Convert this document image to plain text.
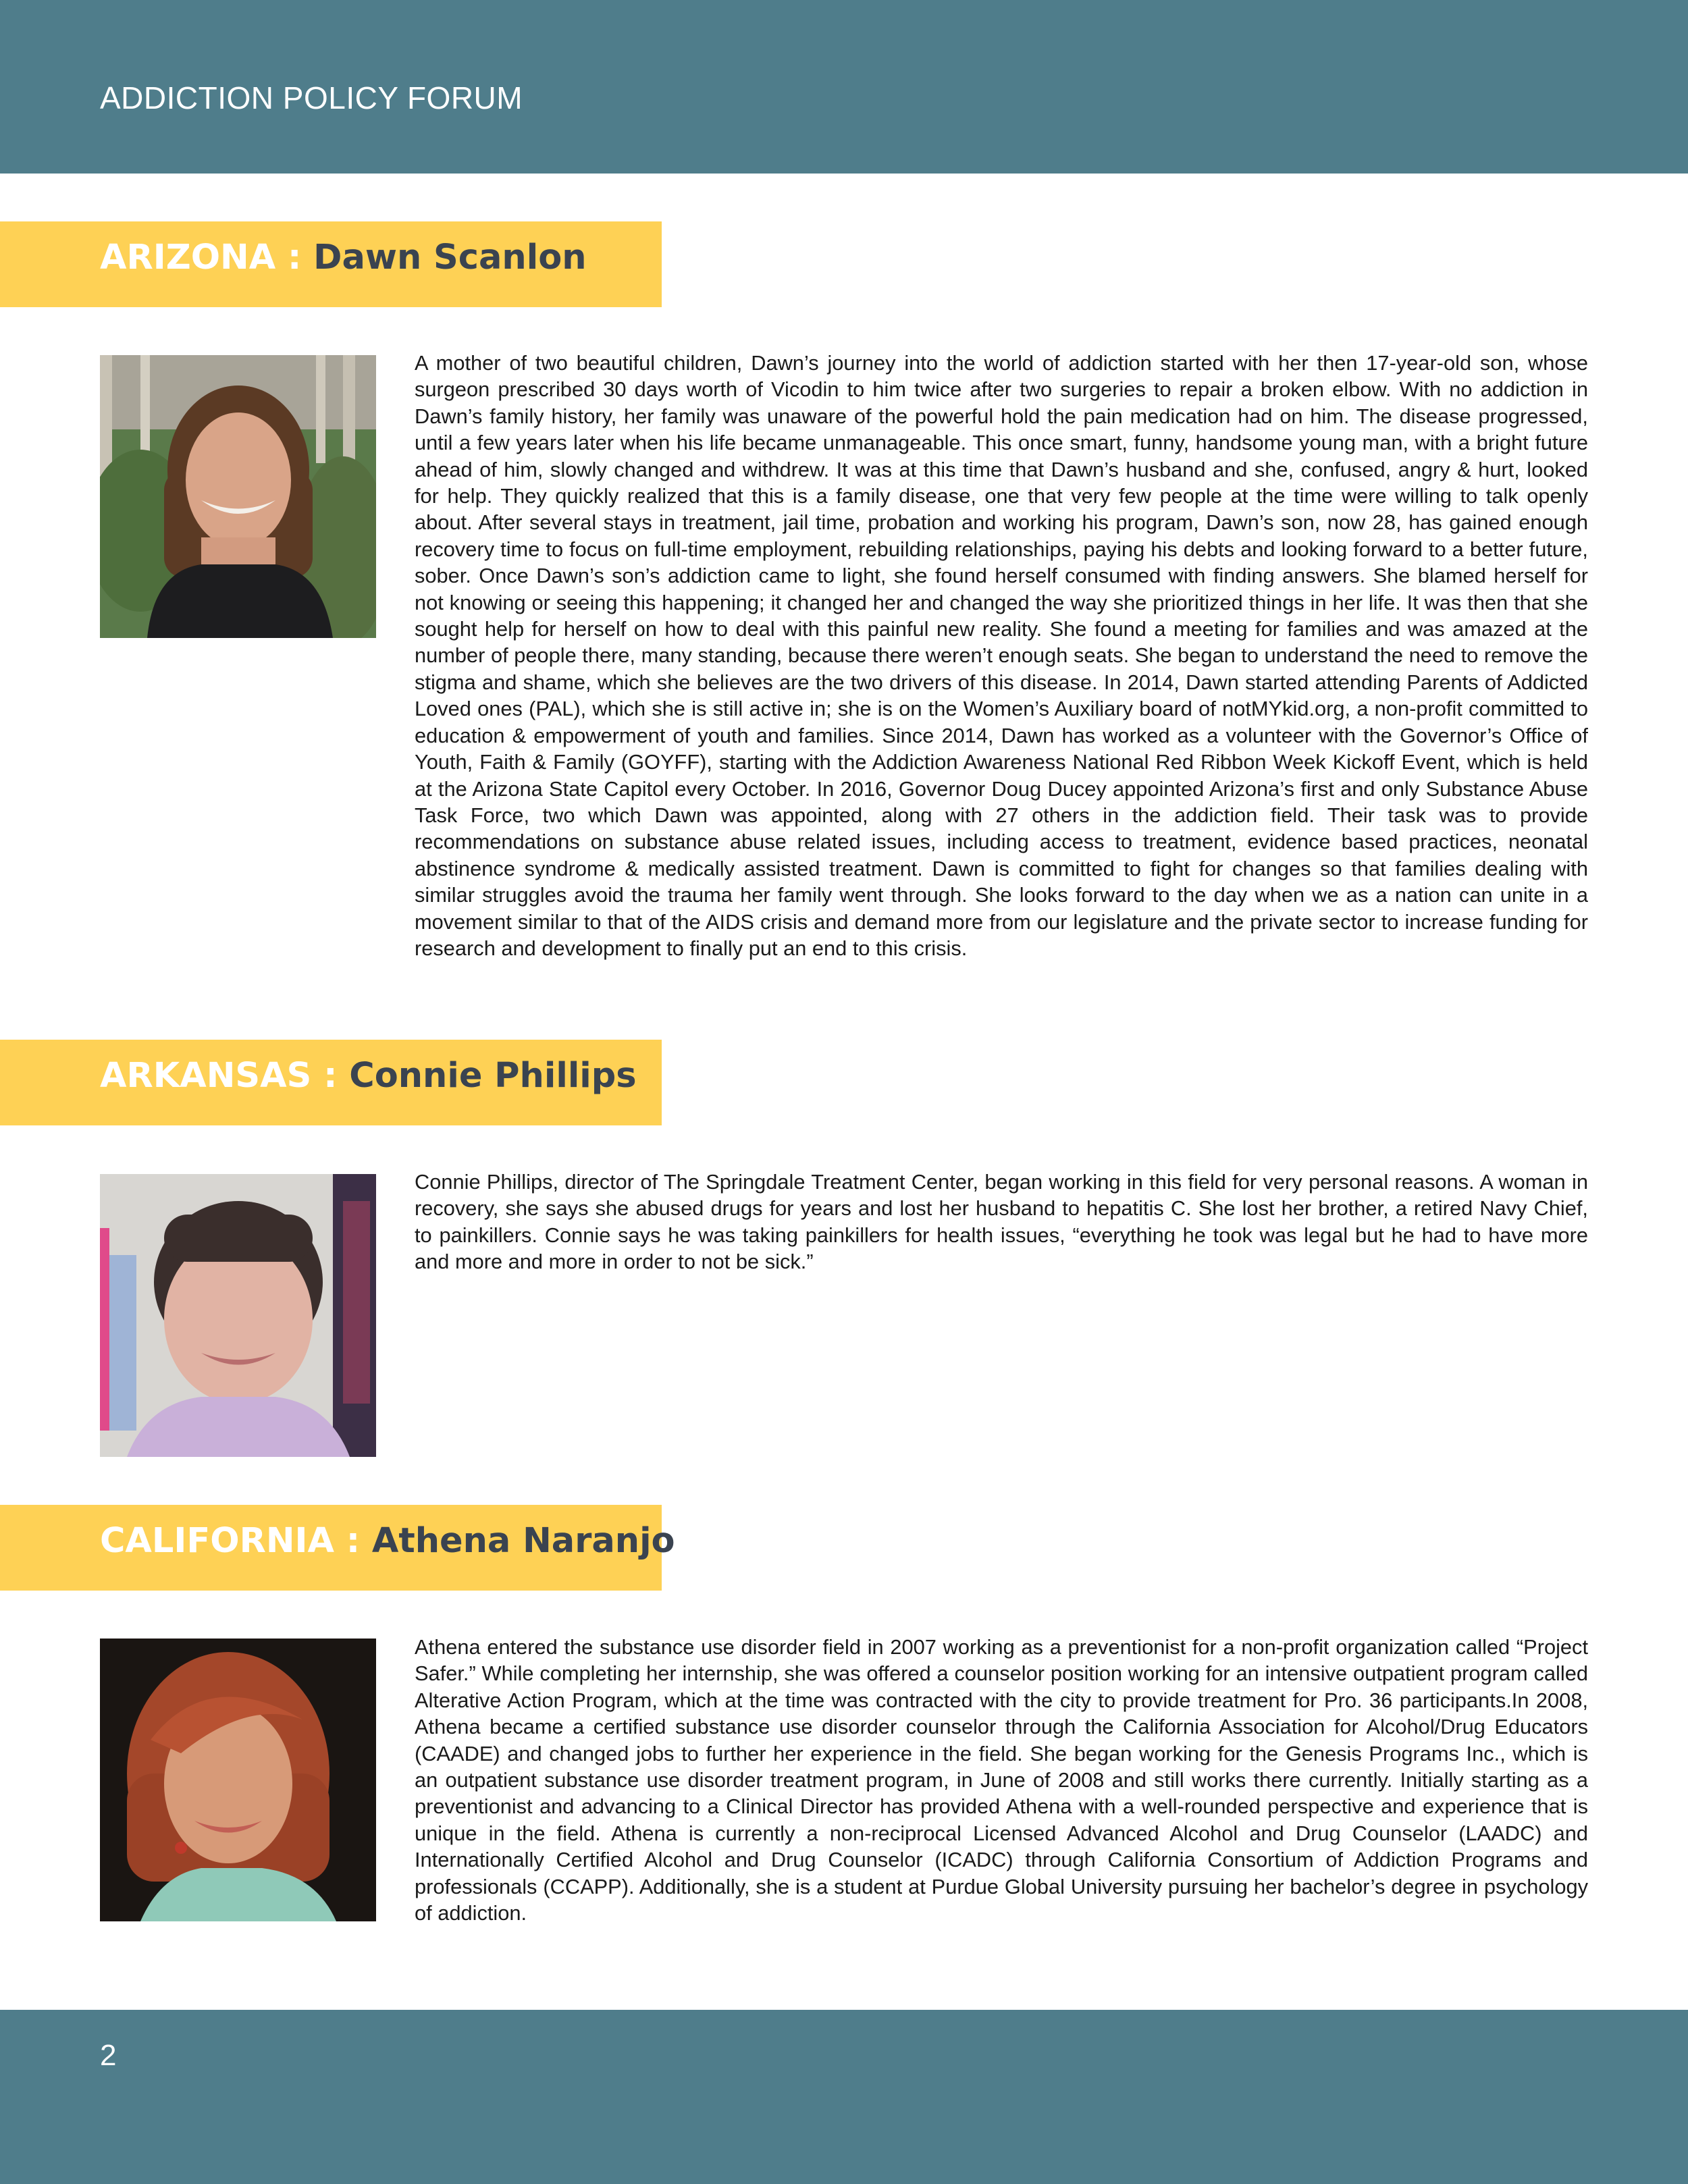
ADDICTION POLICY FORUM
ARIZONA : Dawn Scanlon

A mother of two beautiful children, Dawn’s journey into the world of addiction started with her then 17-year-old son, whose surgeon prescribed 30 days worth of Vicodin to him twice after two surgeries to repair a broken elbow. With no addiction in Dawn’s family history, her family was unaware of the powerful hold the pain medication had on him. The disease progressed, until a few years later when his life became unmanageable. This once smart, funny, handsome young man, with a bright future ahead of him, slowly changed and withdrew. It was at this time that Dawn’s husband and she, confused, angry & hurt, looked for help. They quickly realized that this is a family disease, one that very few people at the time were willing to talk openly about. After several stays in treatment, jail time, probation and working his program, Dawn’s son, now 28, has gained enough recovery time to focus on full-time employment, rebuilding relationships, paying his debts and looking forward to a better future, sober. Once Dawn’s son’s addiction came to light, she found herself consumed with finding answers. She blamed herself for not knowing or seeing this happening; it changed her and changed the way she prioritized things in her life. It was then that she sought help for herself on how to deal with this painful new reality. She found a meeting for families and was amazed at the number of people there, many standing, because there weren’t enough seats. She began to understand the need to remove the stigma and shame, which she believes are the two drivers of this disease. In 2014, Dawn started attending Parents of Addicted Loved ones (PAL), which she is still active in; she is on the Women’s Auxiliary board of notMYkid.org, a non-profit committed to education & empowerment of youth and families. Since 2014, Dawn has worked as a volunteer with the Governor’s Office of Youth, Faith & Family (GOYFF), starting with the Addiction Awareness National Red Ribbon Week Kickoff Event, which is held at the Arizona State Capitol every October. In 2016, Governor Doug Ducey appointed Arizona’s first and only Substance Abuse Task Force, two which Dawn was appointed, along with 27 others in the addiction field. Their task was to provide recommendations on substance abuse related issues, including access to treatment, evidence based practices, neonatal abstinence syndrome & medically assisted treatment. Dawn is committed to fight for changes so that families dealing with similar struggles avoid the trauma her family went through. She looks forward to the day when we as a nation can unite in a movement similar to that of the AIDS crisis and demand more from our legislature and the private sector to increase funding for research and development to finally put an end to this crisis.

ARKANSAS : Connie Phillips

Connie Phillips, director of The Springdale Treatment Center, began working in this field for very personal reasons. A woman in recovery, she says she abused drugs for years and lost her husband to hepatitis C. She lost her brother, a retired Navy Chief, to painkillers. Connie says he was taking painkillers for health issues, “everything he took was legal but he had to have more and more and more in order to not be sick.”

CALIFORNIA : Athena Naranjo

Athena entered the substance use disorder field in 2007 working as a preventionist for a non-profit organization called “Project Safer.” While completing her internship, she was offered a counselor position working for an intensive outpatient program called Alterative Action Program, which at the time was contracted with the city to provide treatment for Pro. 36 participants.In 2008, Athena became a certified substance use disorder counselor through the California Association for Alcohol/Drug Educators (CAADE) and changed jobs to further her experience in the field. She began working for the Genesis Programs Inc., which is an outpatient substance use disorder treatment program, in June of 2008 and still works there currently. Initially starting as a preventionist and advancing to a Clinical Director has provided Athena with a well-rounded perspective and experience that is unique in the field. Athena is currently a non-reciprocal Licensed Advanced Alcohol and Drug Counselor (LAADC) and Internationally Certified Alcohol and Drug Counselor (ICADC) through California Consortium of Addiction Programs and professionals (CCAPP). Additionally, she is a student at Purdue Global University pursuing her bachelor’s degree in psychology of addiction.

2
